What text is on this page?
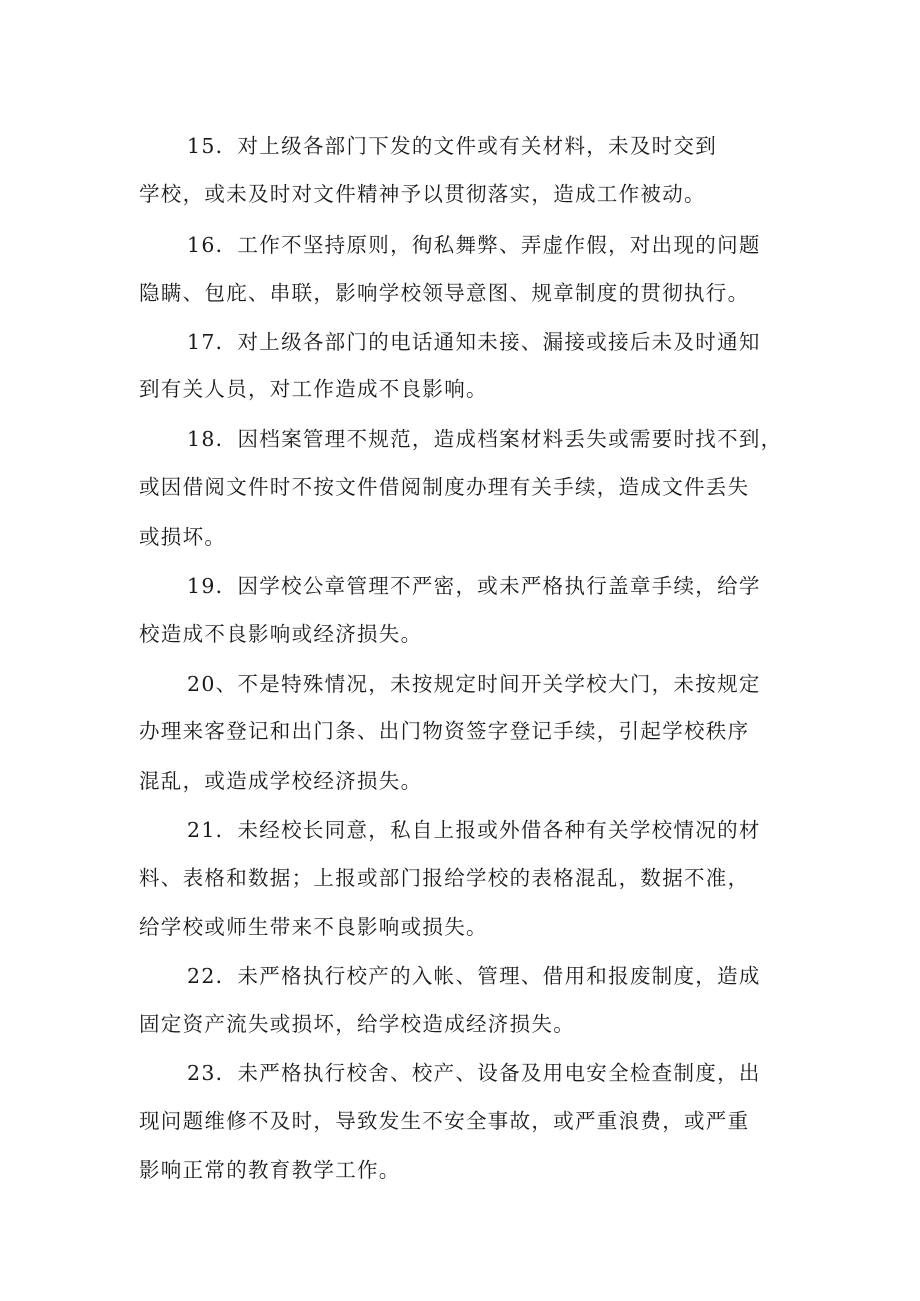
15．对上级各部门下发的文件或有关材料，未及时交到
学校，或未及时对文件精神予以贯彻落实，造成工作被动。
16．工作不坚持原则，徇私舞弊、弄虚作假，对出现的问题
隐瞒、包庇、串联，影响学校领导意图、规章制度的贯彻执行。
17．对上级各部门的电话通知未接、漏接或接后未及时通知
到有关人员，对工作造成不良影响。
18．因档案管理不规范，造成档案材料丢失或需要时找不到，
或因借阅文件时不按文件借阅制度办理有关手续，造成文件丢失
或损坏。
19．因学校公章管理不严密，或未严格执行盖章手续，给学
校造成不良影响或经济损失。
20、不是特殊情况，未按规定时间开关学校大门，未按规定
办理来客登记和出门条、出门物资签字登记手续，引起学校秩序
混乱，或造成学校经济损失。
21．未经校长同意，私自上报或外借各种有关学校情况的材
料、表格和数据；上报或部门报给学校的表格混乱，数据不准，
给学校或师生带来不良影响或损失。
22．未严格执行校产的入帐、管理、借用和报废制度，造成
固定资产流失或损坏，给学校造成经济损失。
23．未严格执行校舍、校产、设备及用电安全检查制度，出
现问题维修不及时，导致发生不安全事故，或严重浪费，或严重
影响正常的教育教学工作。
